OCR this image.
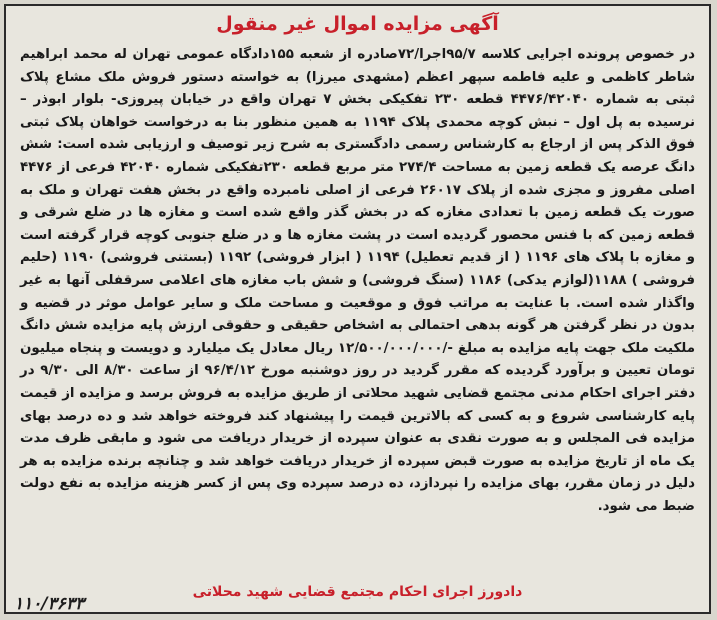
آگهی مزایده اموال غیر منقول

در خصوص پرونده اجرایی کلاسه ۹۵/۷اجرا/۷۲صادره از شعبه ۱۵۵دادگاه عمومی تهران له محمد ابراهیم شاطر کاظمی و علیه فاطمه سپهر اعظم (مشهدی میرزا) به خواسته دستور فروش ملک مشاع پلاک ثبتی به شماره ۴۴۷۶/۴۲۰۴۰ قطعه ۲۳۰ تفکیکی بخش ۷ تهران واقع در خیابان پیروزی- بلوار ابوذر – نرسیده به پل اول – نبش کوچه محمدی پلاک ۱۱۹۴ به همین منظور بنا به درخواست خواهان پلاک ثبتی فوق الذکر پس از ارجاع به کارشناس رسمی دادگستری به شرح زیر توصیف و ارزیابی شده است: شش دانگ عرصه یک قطعه زمین به مساحت ۲۷۴/۴ متر مربع قطعه ۲۳۰تفکیکی شماره ۴۲۰۴۰ فرعی از ۴۴۷۶ اصلی مفروز و مجزی شده از پلاک ۲۶۰۱۷ فرعی از اصلی نامبرده واقع در بخش هفت تهران و ملک به صورت یک قطعه زمین با تعدادی مغازه که در بخش گذر واقع شده است و مغازه ها در ضلع شرقی و قطعه زمین که با فنس محصور گردیده است در پشت مغازه ها و در ضلع جنوبی کوچه قرار گرفته است و مغازه با پلاک های ۱۱۹۶ ( از قدیم تعطیل) ۱۱۹۴ ( ابزار فروشی) ۱۱۹۲ (بستنی فروشی) ۱۱۹۰ (حلیم فروشی ) ۱۱۸۸(لوازم یدکی) ۱۱۸۶ (سنگ فروشی) و شش باب مغازه های اعلامی سرقفلی آنها به غیر واگذار شده است. با عنایت به مراتب فوق و موقعیت و مساحت ملک و سایر عوامل موثر در قضیه و بدون در نظر گرفتن هر گونه بدهی احتمالی به اشخاص حقیقی و حقوقی ارزش پایه مزایده شش دانگ ملکیت ملک جهت پایه مزایده به مبلغ -/۱۲/۵۰۰/۰۰۰/۰۰۰ ریال معادل یک میلیارد و دویست و پنجاه میلیون تومان تعیین و برآورد گردیده که مقرر گردید در روز دوشنبه مورخ ۹۶/۴/۱۲ از ساعت ۸/۳۰ الی ۹/۳۰ در دفتر اجرای احکام مدنی مجتمع قضایی شهید محلاتی از طریق مزایده به فروش برسد و مزایده از قیمت پایه کارشناسی شروع و به کسی که بالاترین قیمت را پیشنهاد کند فروخته خواهد شد و ده درصد بهای مزایده فی المجلس و به صورت نقدی به عنوان سپرده از خریدار دریافت می شود و مابقی ظرف مدت یک ماه از تاریخ مزایده به صورت قبض سپرده از خریدار دریافت خواهد شد و چنانچه برنده مزایده به هر دلیل در زمان مقرر، بهای مزایده را نپردازد، ده درصد سپرده وی پس از کسر هزینه مزایده به نفع دولت ضبط می شود.

دادورز اجرای احکام مجتمع قضایی شهید محلاتی
۱۱۰/۳۶۳۳
